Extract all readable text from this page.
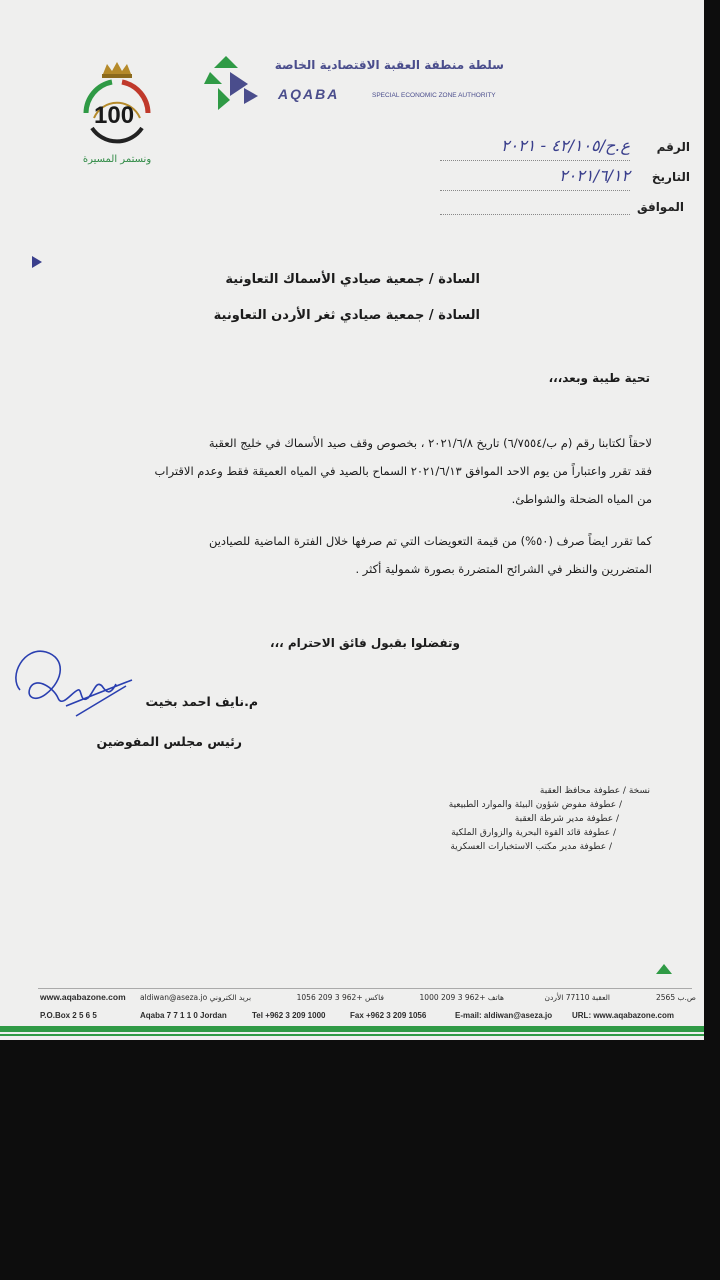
100
ونستمر المسيرة
سلطة منطقة العقبة الاقتصادية الخاصة
AQABA	SPECIAL ECONOMIC ZONE AUTHORITY
الرقم
ع.ح/٤٢/١٠٥ - ٢٠٢١
التاريخ
٢٠٢١/٦/١٢
الموافق
السادة / جمعية صيادي الأسماك التعاونية
السادة / جمعية صيادي ثغر الأردن التعاونية
تحية طيبة وبعد،،،
لاحقاً لكتابنا رقم (م ب/٦/٧٥٥٤) تاريخ ٢٠٢١/٦/٨ ، بخصوص وقف صيد الأسماك في خليج العقبة
فقد تقرر واعتباراً من يوم الاحد الموافق ٢٠٢١/٦/١٣ السماح بالصيد في المياه العميقة فقط وعدم الاقتراب
من المياه الضحلة والشواطئ.
كما تقرر ايضاً صرف (٥٠%) من قيمة التعويضات التي تم صرفها خلال الفترة الماضية للصيادين
المتضررين والنظر في الشرائح المتضررة بصورة شمولية أكثر .
وتفضلوا بقبول فائق الاحترام ،،،
م.نايف احمد بخيت
رئيس مجلس المفوضين
نسخة / عطوفة محافظ العقبة
/ عطوفة مفوض شؤون البيئة والموارد الطبيعية
/ عطوفة مدير شرطة العقبة
/ عطوفة قائد القوة البحرية والزوارق الملكية
/ عطوفة مدير مكتب الاستخبارات العسكرية
www.aqabazone.com aldiwan@aseza.jo بريد الكتروني	فاكس +962 3 209 1056	هاتف +962 3 209 1000	العقبة 77110 الأردن	ص.ب 2565
P.O.Box 2 5 6 5	Aqaba 7 7 1 1 0 Jordan	Tel +962 3 209 1000	Fax +962 3 209 1056	E-mail: aldiwan@aseza.jo URL: www.aqabazone.com
